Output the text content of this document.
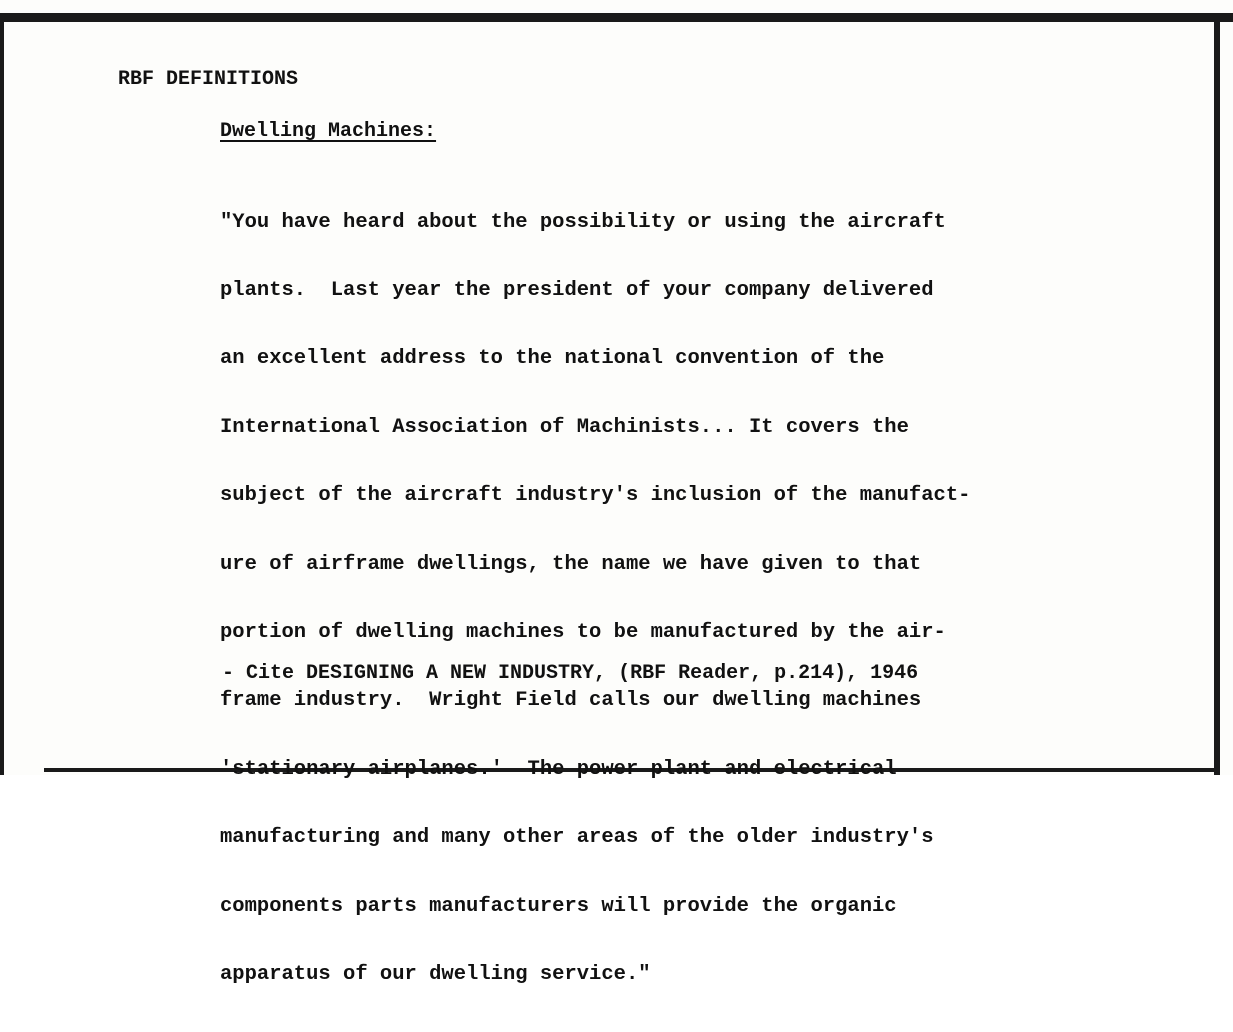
RBF DEFINITIONS
Dwelling Machines:

"You have heard about the possibility or using the aircraft

plants.  Last year the president of your company delivered

an excellent address to the national convention of the

International Association of Machinists... It covers the

subject of the aircraft industry's inclusion of the manufact-

ure of airframe dwellings, the name we have given to that

portion of dwelling machines to be manufactured by the air-

frame industry.  Wright Field calls our dwelling machines

'stationary airplanes.'  The power plant and electrical

manufacturing and many other areas of the older industry's

components parts manufacturers will provide the organic

apparatus of our dwelling service."

- Cite DESIGNING A NEW INDUSTRY, (RBF Reader, p.214), 1946
